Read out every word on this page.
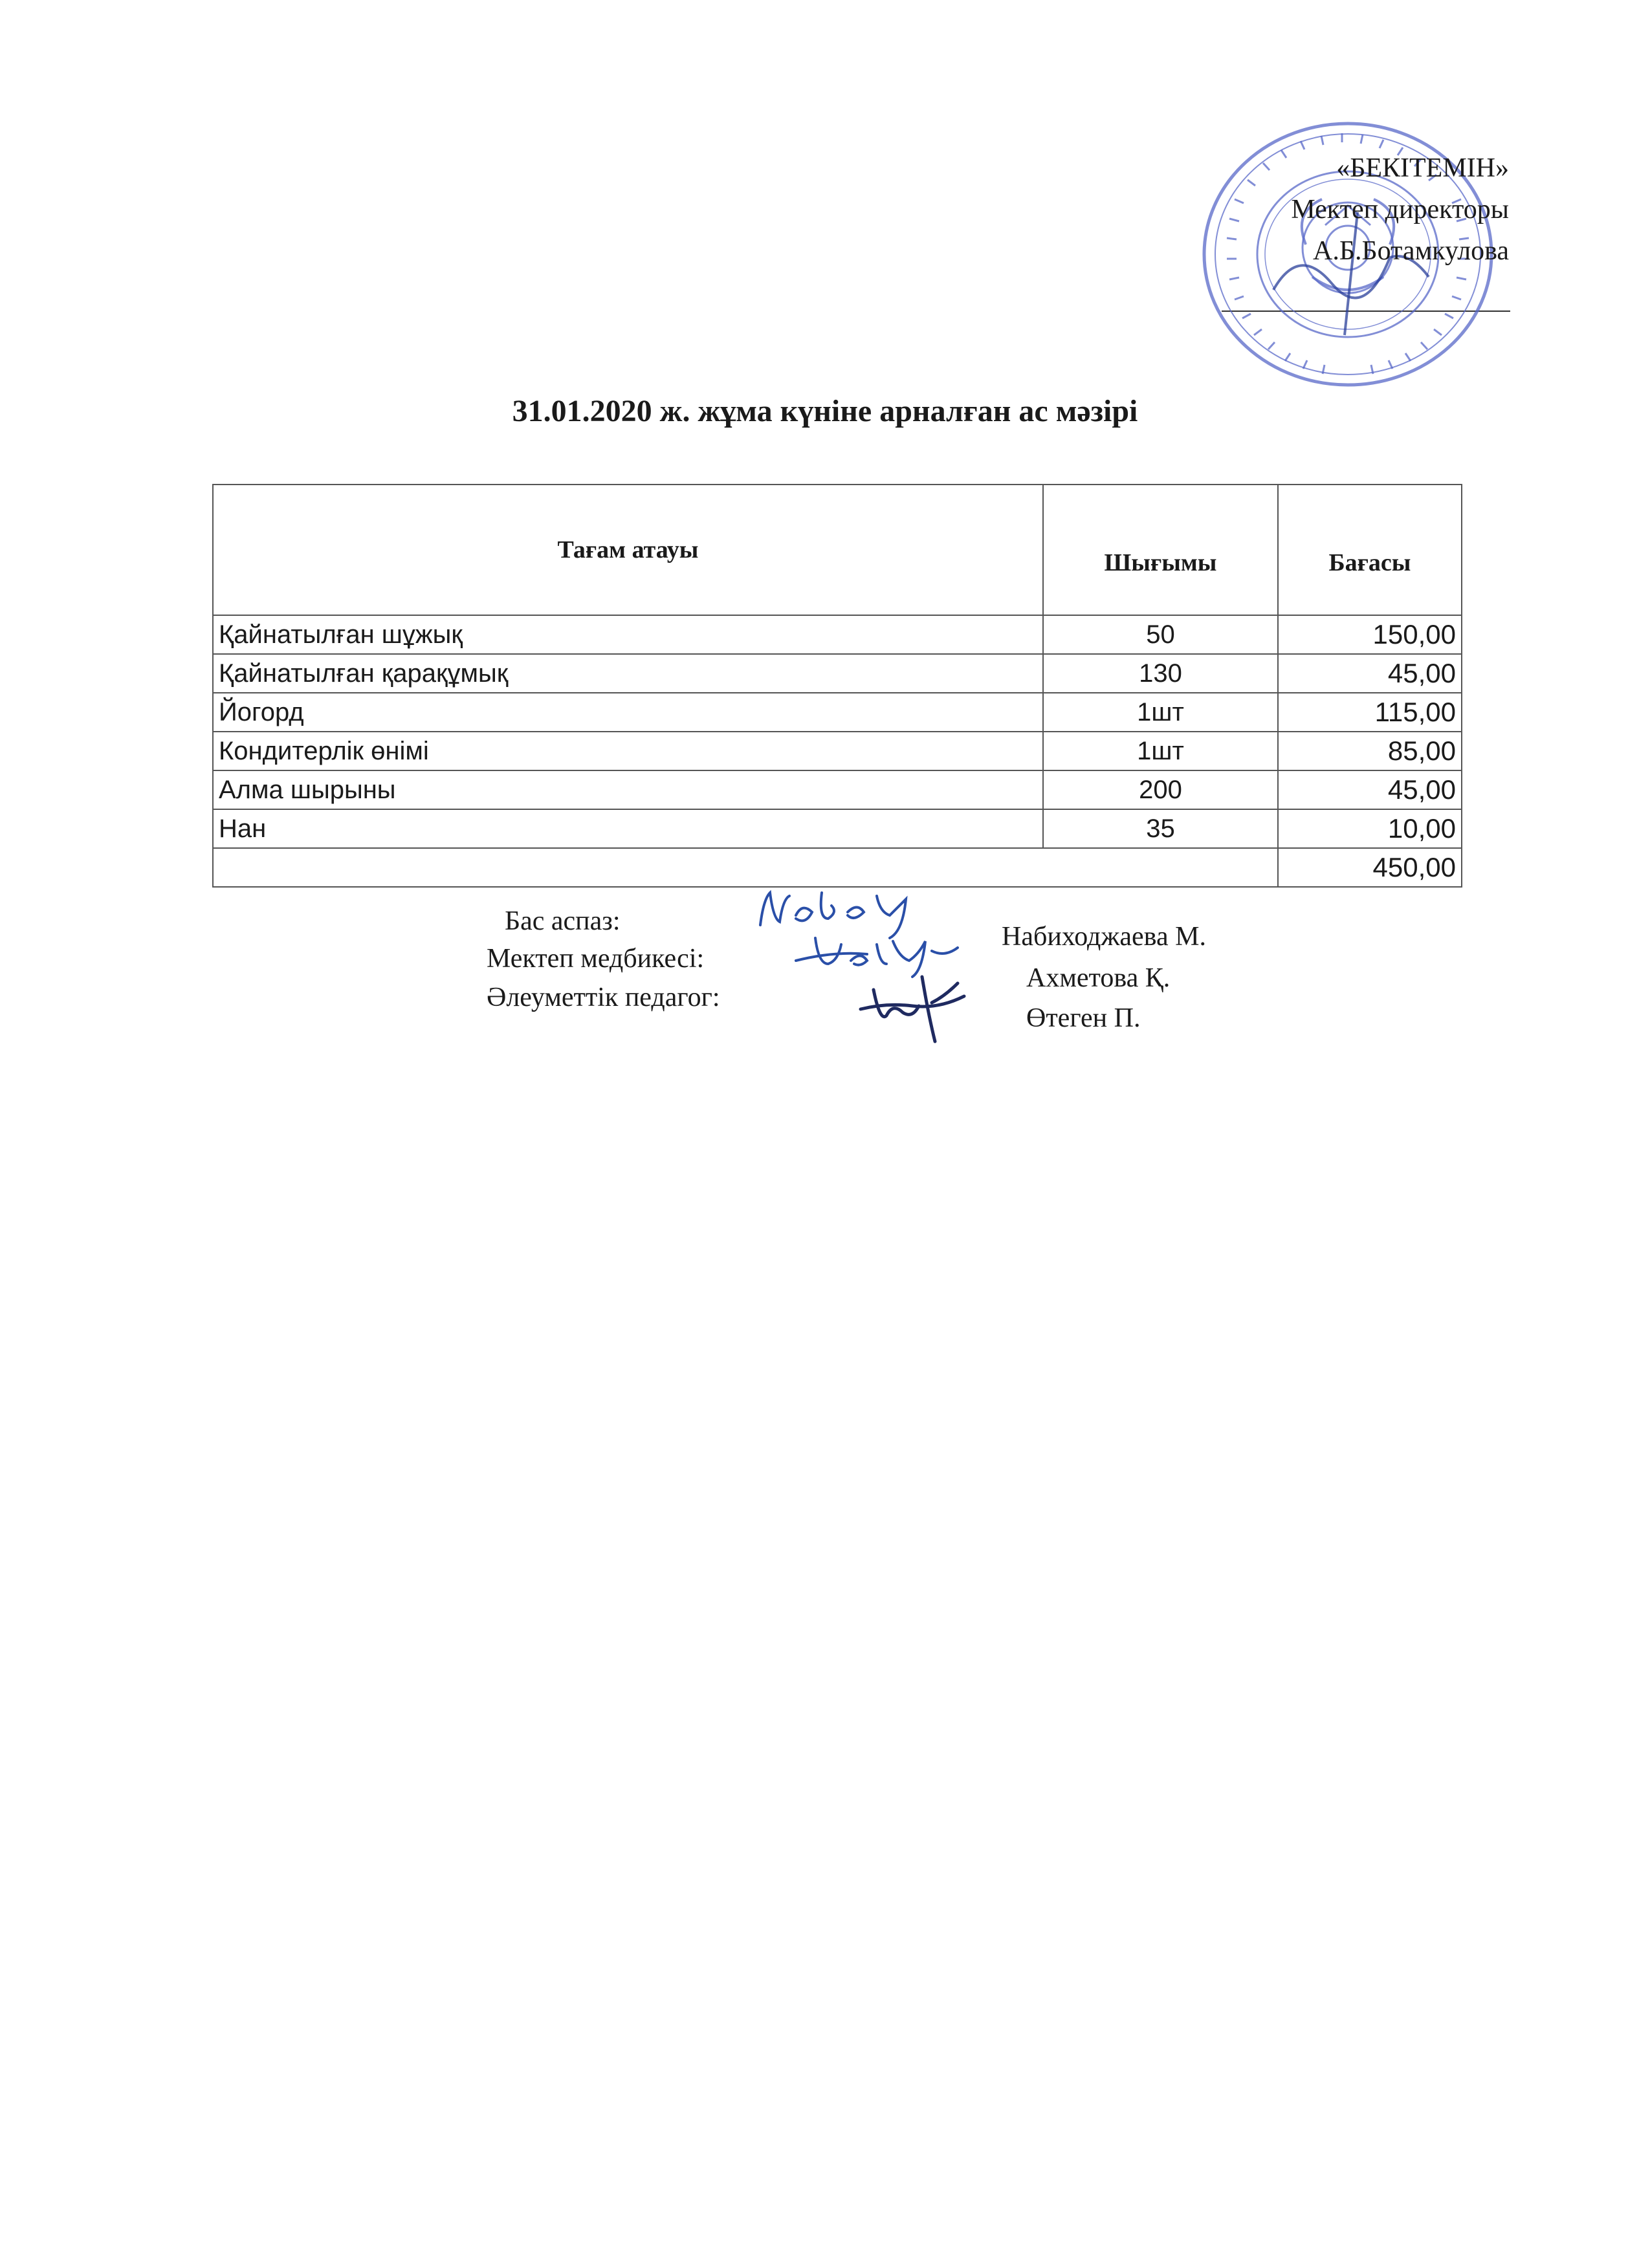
«БЕКІТЕМІН»
Мектеп директоры
А.Б.Ботамкулова
31.01.2020 ж. жұма күніне арналған ас мәзірі
Тағам атауы	Шығымы	Бағасы
Қайнатылған шұжық	50	150,00
Қайнатылған қарақұмық	130	45,00
Йогорд	1шт	115,00
Кондитерлік өнімі	1шт	85,00
Алма шырыны	200	45,00
Нан	35	10,00
		450,00
Бас аспаз:
Набиходжаева М.
Мектеп медбикесі:
Ахметова Қ.
Әлеуметтік педагог:
Өтеген П.
